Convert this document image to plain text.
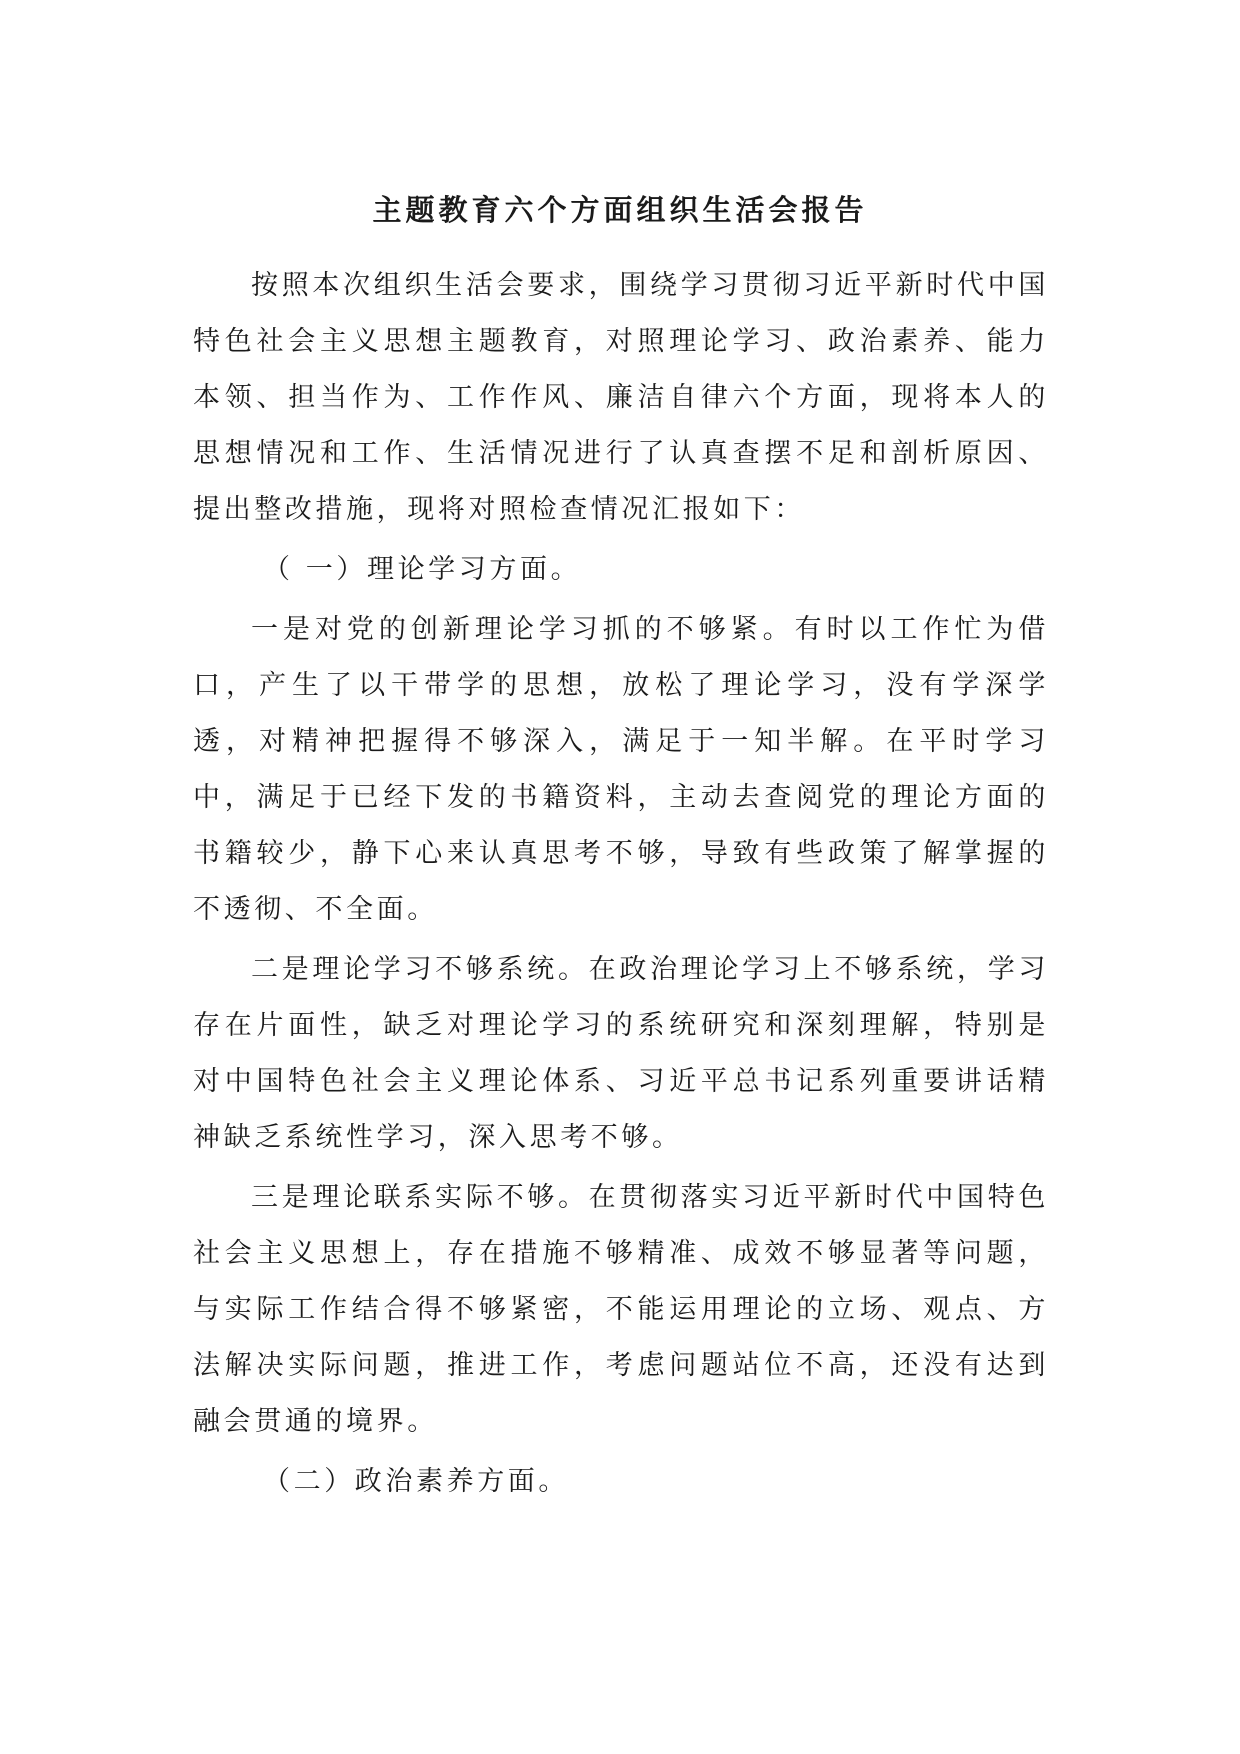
主题教育六个方面组织生活会报告

按照本次组织生活会要求，围绕学习贯彻习近平新时代中国特色社会主义思想主题教育，对照理论学习、政治素养、能力本领、担当作为、工作作风、廉洁自律六个方面，现将本人的思想情况和工作、生活情况进行了认真查摆不足和剖析原因、提出整改措施，现将对照检查情况汇报如下：

（ 一）理论学习方面。

一是对党的创新理论学习抓的不够紧。有时以工作忙为借口，产生了以干带学的思想，放松了理论学习，没有学深学透，对精神把握得不够深入，满足于一知半解。在平时学习中，满足于已经下发的书籍资料，主动去查阅党的理论方面的书籍较少，静下心来认真思考不够，导致有些政策了解掌握的不透彻、不全面。

二是理论学习不够系统。在政治理论学习上不够系统，学习存在片面性，缺乏对理论学习的系统研究和深刻理解，特别是对中国特色社会主义理论体系、习近平总书记系列重要讲话精神缺乏系统性学习，深入思考不够。

三是理论联系实际不够。在贯彻落实习近平新时代中国特色社会主义思想上，存在措施不够精准、成效不够显著等问题，与实际工作结合得不够紧密，不能运用理论的立场、观点、方法解决实际问题，推进工作，考虑问题站位不高，还没有达到融会贯通的境界。

（二）政治素养方面。
